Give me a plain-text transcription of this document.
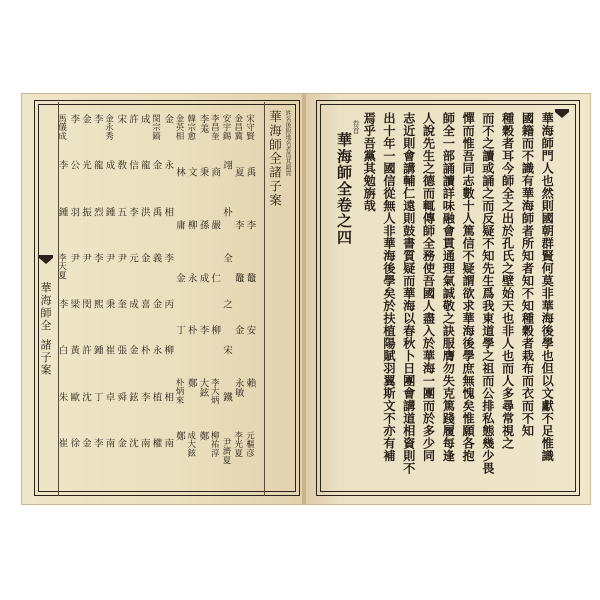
宋守賢
禹
李
鼇
安
賴
元樞彦
金昌冀
夏
李
鼇
金
永敏
李光夏
安宇錫
翊
朴
全
之
宋
鐵
尹濟夏
李昌奎
商
嚴
仁
柳
李大炳
柳祐淳
李羗
秉
孫
成
李
大鉉
鄭
韓宗愈
文
柳
永
朴
鄭
成大鉉
金英相
林
庸
金
丁
朴炳來
鄭
金
永
相
李
丙
柳
相
南
閔宗鎬
金
禹
義
金
永
植
權
成
龍
洪
金
喜
朴
李
南
許
信
李
元
成
金
鉉
沈
宋
敎
五
尹
奎
張
舜
金
金永秀
成
鍾
尹
秉
崔
卓
南
李
龍
烈
李
熙
鍾
丁
李
金
光
振
尹
閔
許
沈
金
李
公
羽
尹
梁
黃
歐
徐
馬儀成
李
鍾
李天夏
李
白
朱
崔
華海師全諸子案 姓名後附地名者爲其籍貫
華海師全
諸子案	華海師門人也然則國朝群賢何莫非華海後學也但以文獻不足惟識
國籍而不識有華海師者所知者知不知種穀者栽布而衣而不知
種穀者耳今師全之出於孔氏之壁始天也非人也而人多尋常視之
而不之讀或誦之而反疑不知先生爲我東道學之祖而公排私態幾少畏
憚而惟吾同志數十人篤信不疑謂欲求華海後學庶無愧矣惟願各抱
師全一部誦讀詳味融會貫通理氣誠敬之訣服膺勿失克篤踐履每逢
人說先生之德而輒傳師全務使吾國人盡入於華海一團而於多少同
志近則會講輔仁遠則鼓書質疑而華海以春秋卜日團會講道相資則不
出十年一國信從無人非華海後學矣於扶植陽賦羽翼斯文不亦有補
焉乎吾黨其勉旃哉
卷首
華海師全卷之四
